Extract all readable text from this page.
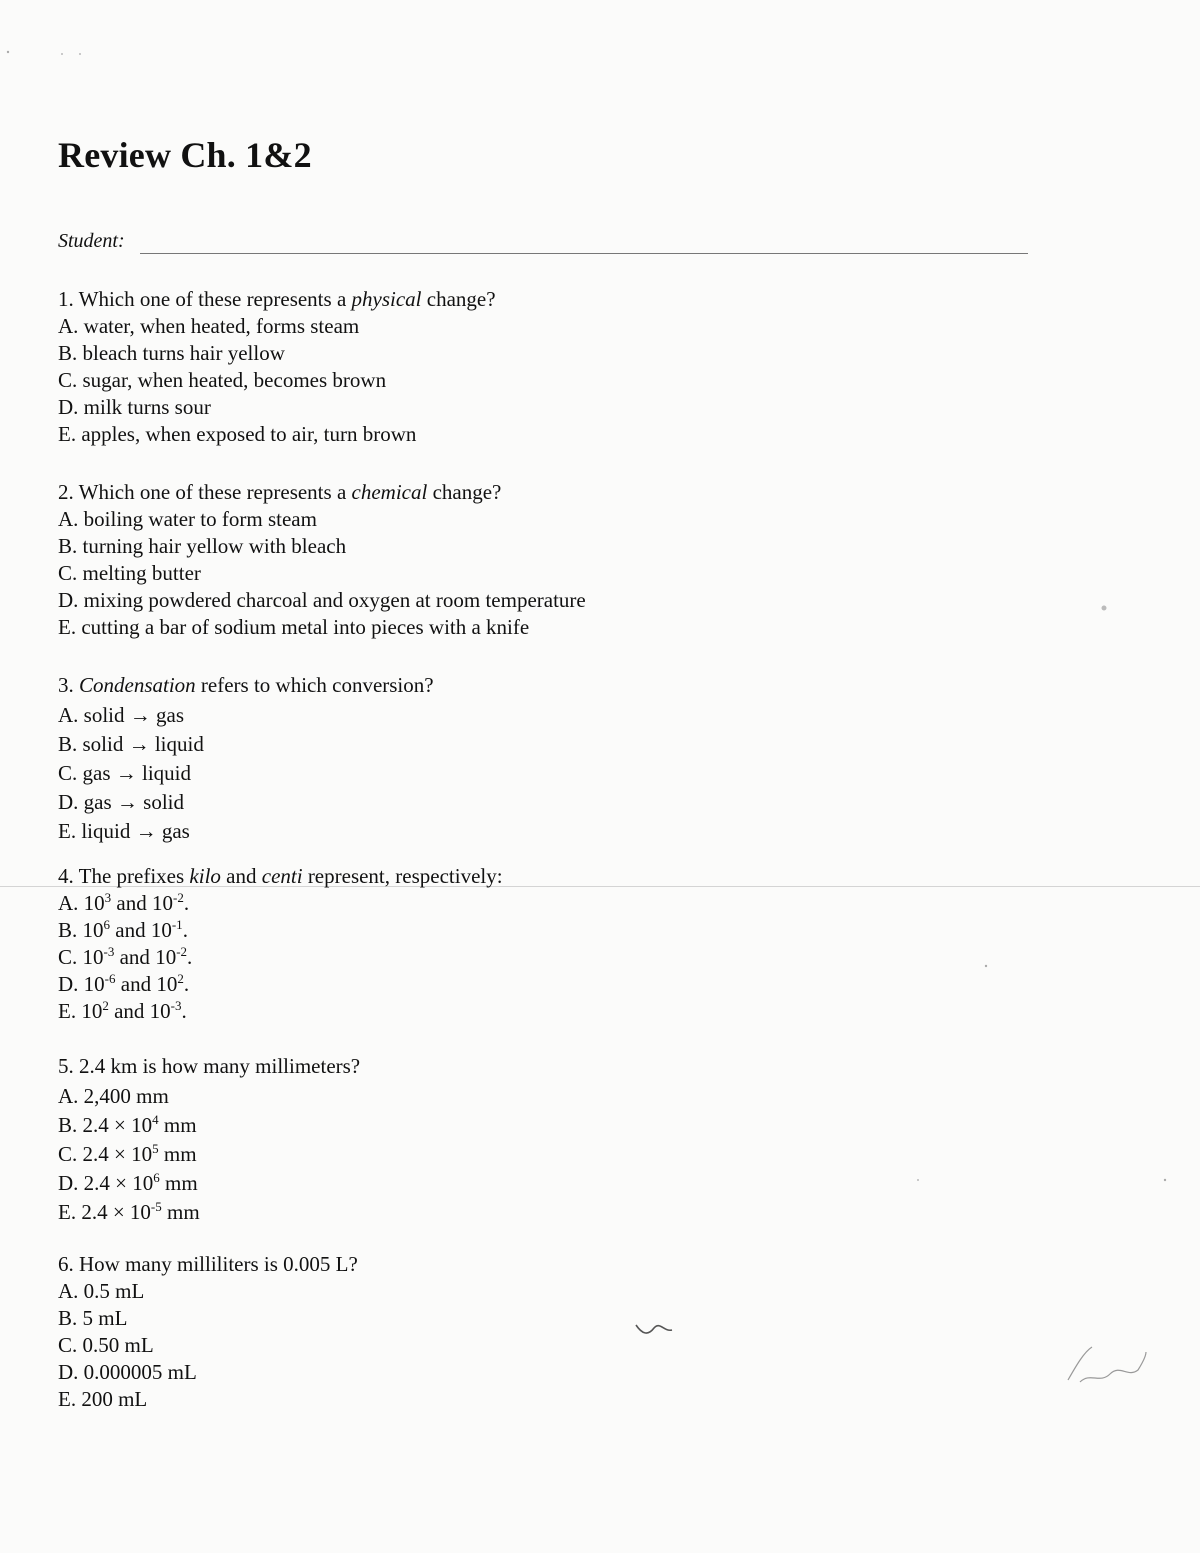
Review Ch. 1&2
Student:
1. Which one of these represents a physical change?
A. water, when heated, forms steam
B. bleach turns hair yellow
C. sugar, when heated, becomes brown
D. milk turns sour
E. apples, when exposed to air, turn brown
2. Which one of these represents a chemical change?
A. boiling water to form steam
B. turning hair yellow with bleach
C. melting butter
D. mixing powdered charcoal and oxygen at room temperature
E. cutting a bar of sodium metal into pieces with a knife
3. Condensation refers to which conversion?
A. solid → gas
B. solid → liquid
C. gas → liquid
D. gas → solid
E. liquid → gas
4. The prefixes kilo and centi represent, respectively:
A. $10^3$ and $10^{-2}$.
B. $10^6$ and $10^{-1}$.
C. $10^{-3}$ and $10^{-2}$.
D. $10^{-6}$ and $10^2$.
E. $10^2$ and $10^{-3}$.
5. 2.4 km is how many millimeters?
A. 2,400 mm
B. $2.4 \times 10^4$ mm
C. $2.4 \times 10^5$ mm
D. $2.4 \times 10^6$ mm
E. $2.4 \times 10^{-5}$ mm
6. How many milliliters is 0.005 L?
A. 0.5 mL
B. 5 mL
C. 0.50 mL
D. 0.000005 mL
E. 200 mL
